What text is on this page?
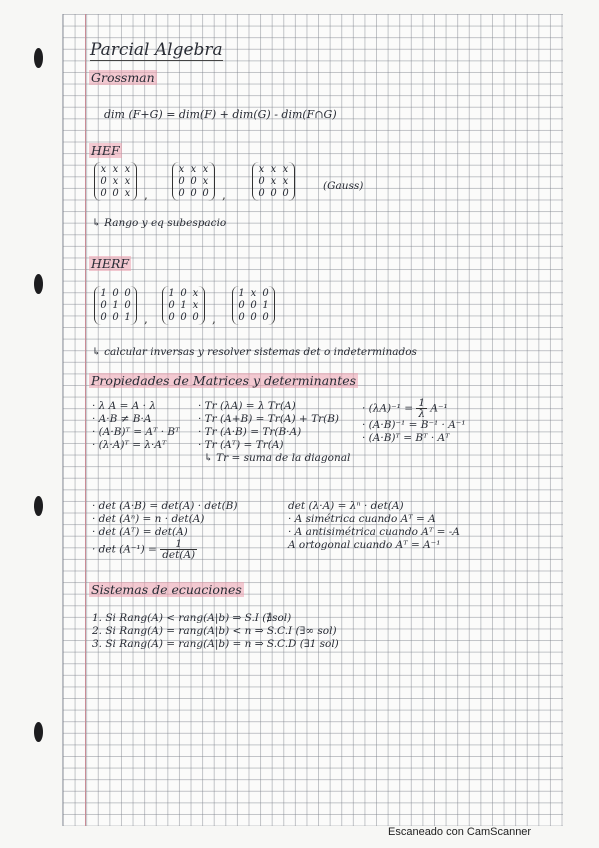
Parcial Algebra
Grossman
dim (F+G) = dim(F) + dim(G) - dim(F∩G)
HEF
x x x
0 x x
0 0 x ,
x x x
0 0 x
0 0 0 ,
x x x
0 x x
0 0 0
(Gauss)
↳ Rango y eq subespacio
HERF
1 0 0
0 1 0
0 0 1 ,
1 0 x
0 1 x
0 0 0 ,
1 x 0
0 0 1
0 0 0
↳ calcular inversas y resolver sistemas det o indeterminados
Propiedades de Matrices y determinantes
· λ A = A · λ
· A·B ≠ B·A
· (A·B)ᵀ = Aᵀ · Bᵀ
· (λ·A)ᵀ = λ·Aᵀ
· Tr (λA) = λ Tr(A)
· Tr (A+B) = Tr(A) + Tr(B)
· Tr (A·B) = Tr(B·A)
· Tr (Aᵀ) = Tr(A)
↳ Tr = suma de la diagonal
· $(\lambda A)^{-1} = \frac{1}{\lambda} A^{-1}$
· (A·B)⁻¹ = B⁻¹ · A⁻¹
· (A·B)ᵀ = Bᵀ · Aᵀ
· det (A·B) = det(A) · det(B)
· det (Aⁿ) = n · det(A)
· det (Aᵀ) = det(A)
· $\det (A^{-1}) = \frac{1}{\det(A)}$
det (λ·A) = λⁿ · det(A)
· A simétrica cuando Aᵀ = A
· A antisimétrica cuando Aᵀ = -A
A ortogonal cuando Aᵀ = A⁻¹
Sistemas de ecuaciones
1. Si Rang(A) < rang(A|b) ⇒ S.I (∄sol)
2. Si Rang(A) = rang(A|b) < n ⇒ S.C.I (∃∞ sol)
3. Si Rang(A) = rang(A|b) = n ⇒ S.C.D (∃1 sol)
Escaneado con CamScanner
